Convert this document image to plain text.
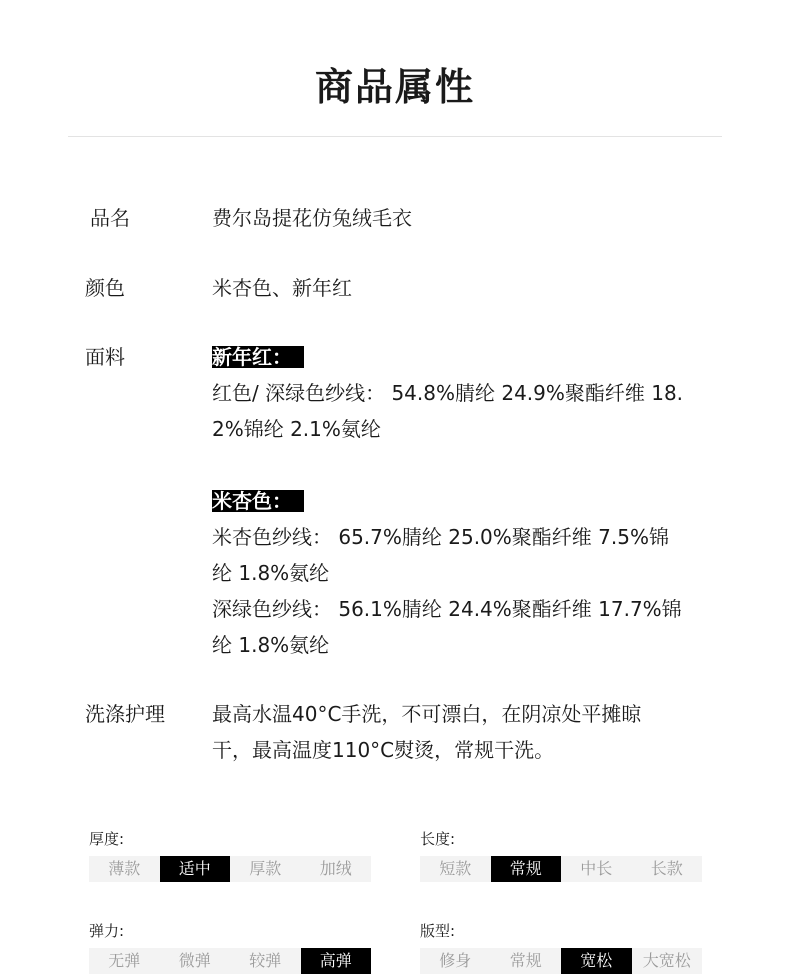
商品属性
品名	费尔岛提花仿兔绒毛衣
颜色	米杏色、新年红
面料	新年红：
红色/ 深绿色纱线： 54.8%腈纶 24.9%聚酯纤维 18.
2%锦纶 2.1%氨纶

米杏色：
米杏色纱线： 65.7%腈纶 25.0%聚酯纤维 7.5%锦
纶 1.8%氨纶
深绿色纱线： 56.1%腈纶 24.4%聚酯纤维 17.7%锦
纶 1.8%氨纶
洗涤护理 最高水温40°C手洗，不可漂白，在阴凉处平摊晾
干，最高温度110°C熨烫，常规干洗。
厚度:
薄款	适中	厚款	加绒
长度:
短款	常规	中长	长款
弹力:
无弹	微弹	较弹	高弹
版型:
修身	常规	宽松	大宽松
